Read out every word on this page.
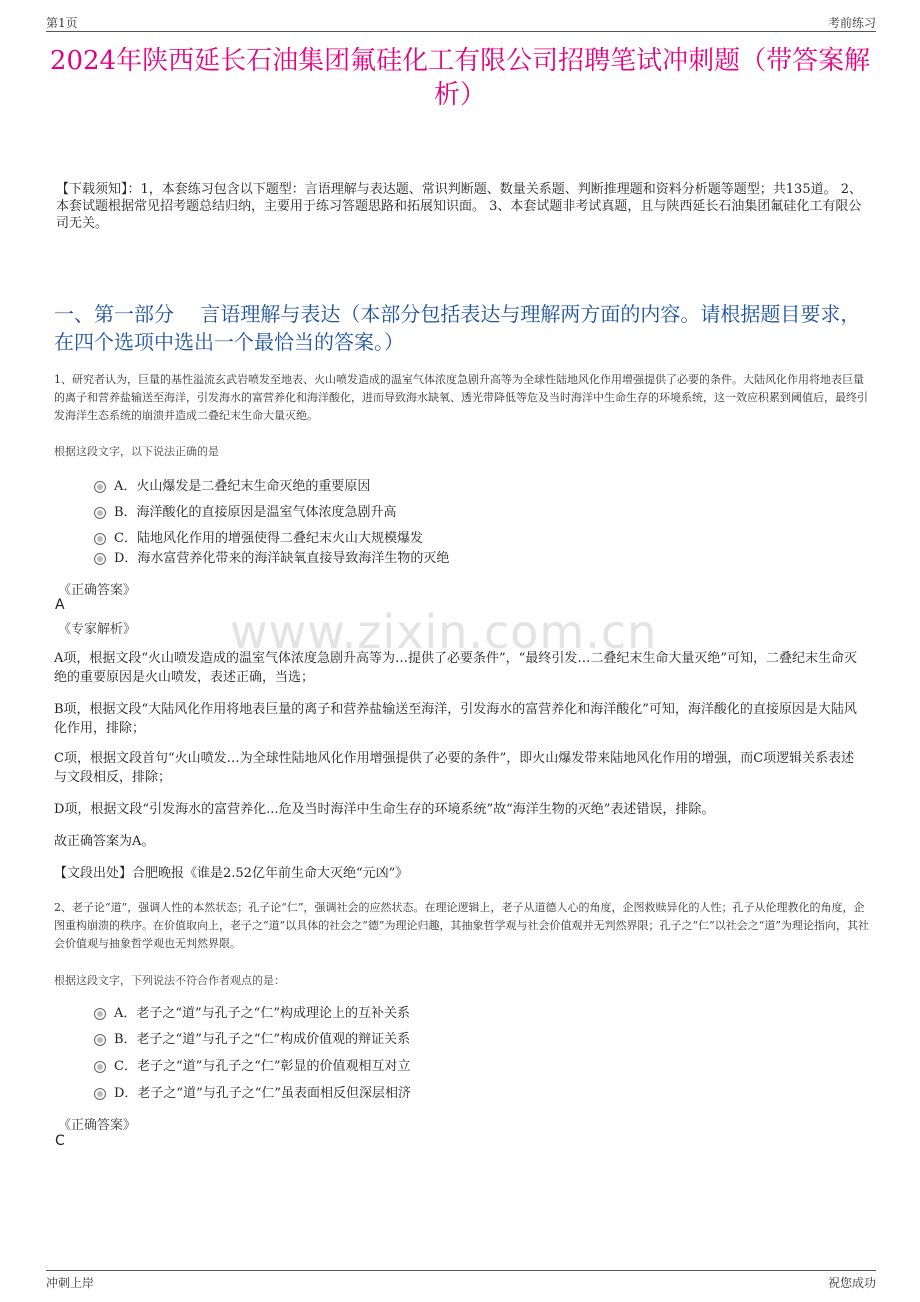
第1页	考前练习
2024年陕西延长石油集团氟硅化工有限公司招聘笔试冲刺题（带答案解析）
【下载须知】：1，本套练习包含以下题型：言语理解与表达题、常识判断题、数量关系题、判断推理题和资料分析题等题型；共135道。 2、本套试题根据常见招考题总结归纳，主要用于练习答题思路和拓展知识面。 3、本套试题非考试真题，且与陕西延长石油集团氟硅化工有限公司无关。
一、第一部分　 言语理解与表达（本部分包括表达与理解两方面的内容。请根据题目要求，在四个选项中选出一个最恰当的答案。）
www.zixin.com.cn
1、研究者认为，巨量的基性溢流玄武岩喷发至地表、火山喷发造成的温室气体浓度急剧升高等为全球性陆地风化作用增强提供了必要的条件。大陆风化作用将地表巨量的离子和营养盐输送至海洋，引发海水的富营养化和海洋酸化，进而导致海水缺氧、透光带降低等危及当时海洋中生命生存的环境系统，这一效应积累到阈值后，最终引发海洋生态系统的崩溃并造成二叠纪末生命大量灭绝。
根据这段文字，以下说法正确的是
A．火山爆发是二叠纪末生命灭绝的重要原因
B．海洋酸化的直接原因是温室气体浓度急剧升高
C．陆地风化作用的增强使得二叠纪末火山大规模爆发
D．海水富营养化带来的海洋缺氧直接导致海洋生物的灭绝
《正确答案》
A
《专家解析》
A项，根据文段“火山喷发造成的温室气体浓度急剧升高等为…提供了必要条件”，“最终引发…二叠纪末生命大量灭绝”可知，二叠纪末生命灭绝的重要原因是火山喷发，表述正确，当选；
B项，根据文段“大陆风化作用将地表巨量的离子和营养盐输送至海洋，引发海水的富营养化和海洋酸化”可知，海洋酸化的直接原因是大陆风化作用，排除；
C项，根据文段首句“火山喷发…为全球性陆地风化作用增强提供了必要的条件”，即火山爆发带来陆地风化作用的增强，而C项逻辑关系表述与文段相反，排除；
D项，根据文段“引发海水的富营养化...危及当时海洋中生命生存的环境系统”故“海洋生物的灭绝”表述错误，排除。
故正确答案为A。
【文段出处】合肥晚报《谁是2.52亿年前生命大灭绝“元凶”》
2、老子论“道”，强调人性的本然状态；孔子论“仁”，强调社会的应然状态。在理论逻辑上，老子从道德人心的角度，企图救赎异化的人性；孔子从伦理教化的角度，企图重构崩溃的秩序。在价值取向上，老子之“道”以具体的社会之“德”为理论归趣，其抽象哲学观与社会价值观并无判然界限；孔子之“仁”以社会之“道”为理论指向，其社会价值观与抽象哲学观也无判然界限。
根据这段文字，下列说法不符合作者观点的是：
A．老子之“道”与孔子之“仁”构成理论上的互补关系
B．老子之“道”与孔子之“仁”构成价值观的辩证关系
C．老子之“道”与孔子之“仁”彰显的价值观相互对立
D．老子之“道”与孔子之“仁”虽表面相反但深层相济
《正确答案》
C
冲刺上岸	祝您成功
